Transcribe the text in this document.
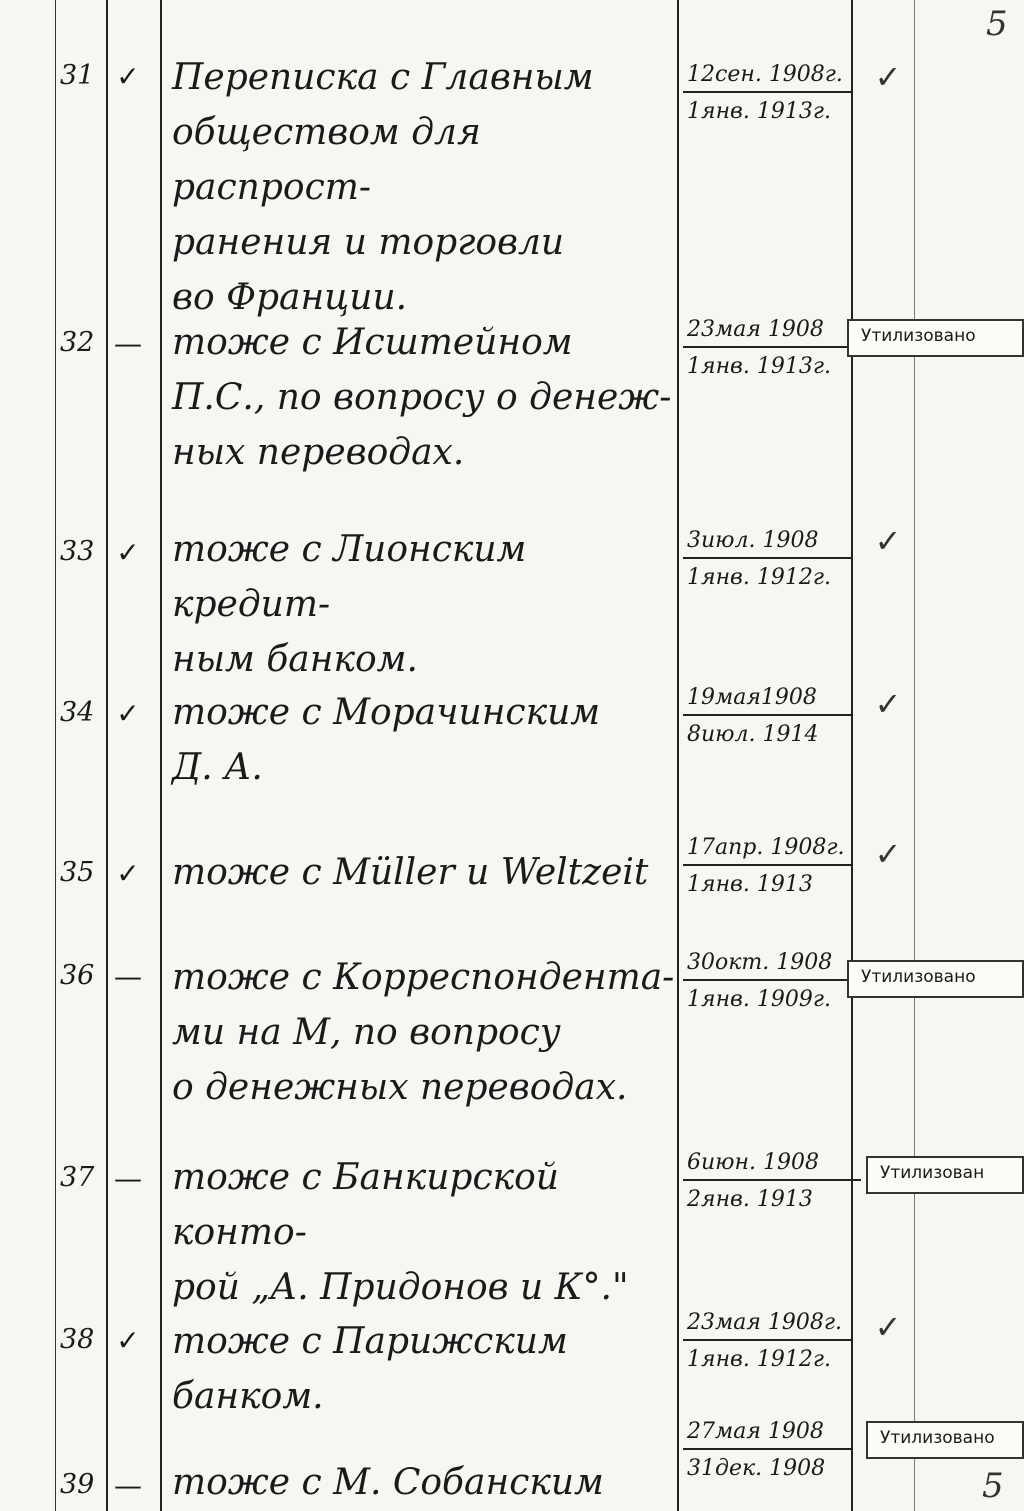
5
5
31 ✓ Переписка с Главным
обществом для распрост-
ранения и торговли
во Франции.
12сен. 1908г.
1янв. 1913г.
✓
32 — тоже с Исштейном
П.С., по вопросу о денеж-
ных переводах.
23мая 1908
1янв. 1913г.
Утилизовано
33 ✓ тоже с Лионским кредит-
ным банком.
3июл. 1908
1янв. 1912г.
✓
34 ✓ тоже с Морачинским
Д. А.
19мая1908
8июл. 1914
✓
35 ✓ тоже с Müller и Weltzeit
17апр. 1908г.
1янв. 1913
✓
36 — тоже с Корреспондента-
ми на М, по вопросу
о денежных переводах.
30окт. 1908
1янв. 1909г.
Утилизовано
37 — тоже с Банкирской конто-
рой „А. Придонов и К°."
6июн. 1908
2янв. 1913
Утилизован
38 ✓ тоже с Парижским
банком.
23мая 1908г.
1янв. 1912г.
✓
39 — тоже с М. Собанским
27мая 1908
31дек. 1908
Утилизовано
